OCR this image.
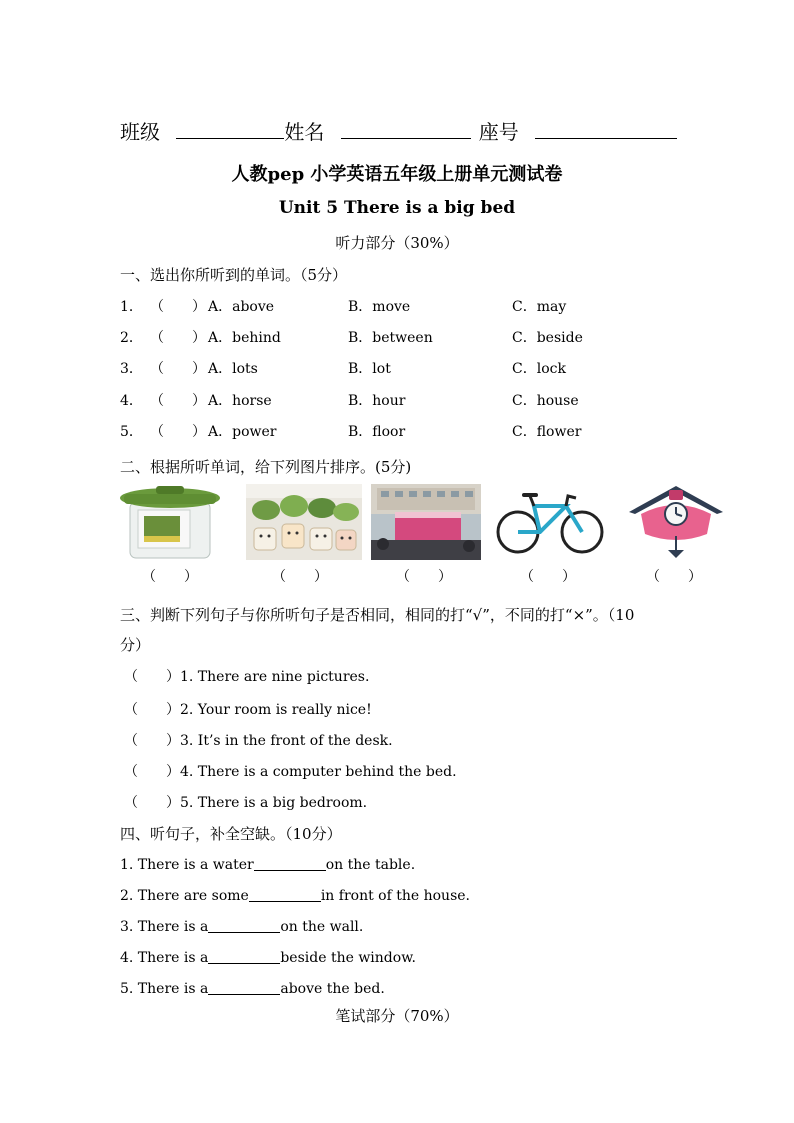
班级	姓名	座号
人教pep 小学英语五年级上册单元测试卷
Unit 5 There is a big bed
听力部分（30%）
一、选出你所听到的单词。（5分）
1． （　　） A．above	B．move	C．may
2． （　　） A．behind	B．between	C．beside
3． （　　） A．lots	B．lot	C．lock
4． （　　） A．horse	B．hour	C．house
5． （　　） A．power	B．floor	C．flower
二、根据所听单词，给下列图片排序。(5分)
（　　）	（　　）	（　　）	（　　）	（　　）
三、判断下列句子与你所听句子是否相同，相同的打“√”，不同的打“×”。（10
分）
（　　）1. There are nine pictures.
（　　）2. Your room is really nice!
（　　）3. It’s in the front of the desk.
（　　）4. There is a computer behind the bed.
（　　）5. There is a big bedroom.
四、听句子，补全空缺。（10分）
1. There is a water	on the table.
2. There are some	in front of the house.
3. There is a	on the wall.
4. There is a	beside the window.
5. There is a	above the bed.
笔试部分（70%）
